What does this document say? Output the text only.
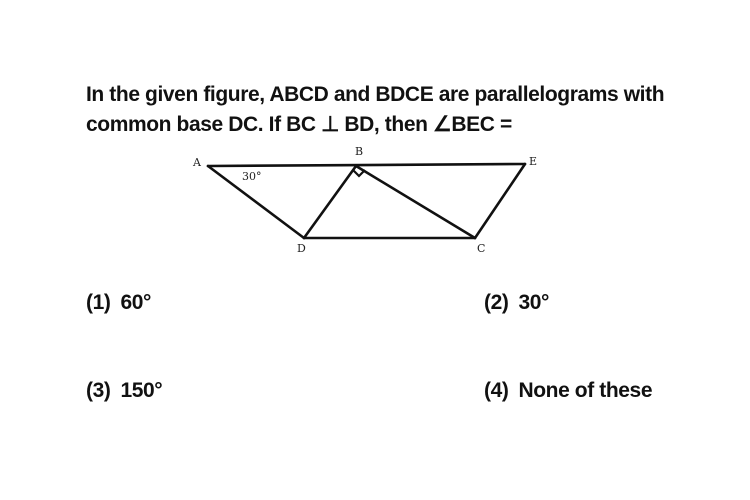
In the given figure, ABCD and BDCE are parallelograms with
common base DC. If BC ⊥ BD, then ∠BEC =

A
B
C
D
E
30°
(1) 60°	(2) 30°
(3) 150°	(4) None of these
